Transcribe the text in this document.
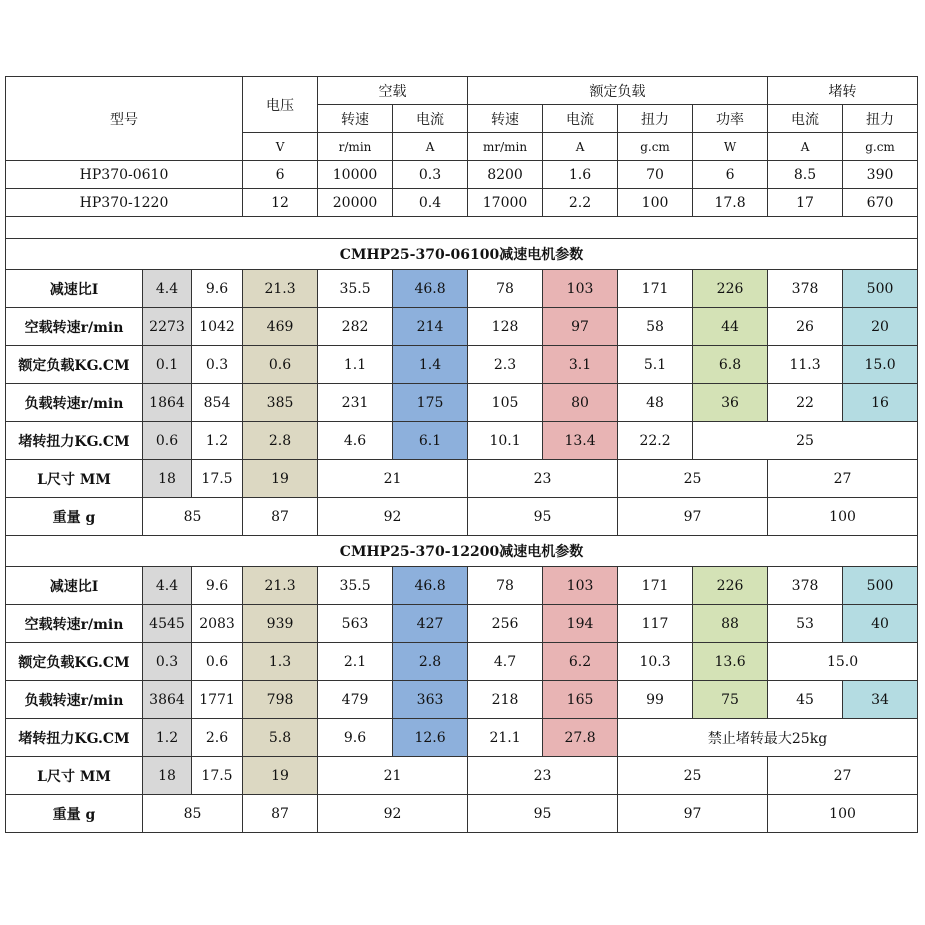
型号			电压	空载		额定负载				堵转	
				转速	电流	转速	电流	扭力	功率	电流	扭力
			V	r/min	A	mr/min	A	g.cm	W	A	g.cm
HP370-0610			6	10000	0.3	8200	1.6	70	6	8.5	390
HP370-1220			12	20000	0.4	17000	2.2	100	17.8	17	670

CMHP25-370-06100减速电机参数											
减速比I	4.4	9.6	21.3	35.5	46.8	78	103	171	226	378	500
空载转速r/min	2273	1042	469	282	214	128	97	58	44	26	20
额定负载KG.CM	0.1	0.3	0.6	1.1	1.4	2.3	3.1	5.1	6.8	11.3	15.0
负载转速r/min	1864	854	385	231	175	105	80	48	36	22	16
堵转扭力KG.CM	0.6	1.2	2.8	4.6	6.1	10.1	13.4	22.2	25		
L尺寸 MM	18	17.5	19	21		23		25		27	
重量 g	85		87	92		95		97		100	
CMHP25-370-12200减速电机参数											
减速比I	4.4	9.6	21.3	35.5	46.8	78	103	171	226	378	500
空载转速r/min	4545	2083	939	563	427	256	194	117	88	53	40
额定负载KG.CM	0.3	0.6	1.3	2.1	2.8	4.7	6.2	10.3	13.6	15.0	
负载转速r/min	3864	1771	798	479	363	218	165	99	75	45	34
堵转扭力KG.CM	1.2	2.6	5.8	9.6	12.6	21.1	27.8	禁止堵转最大25kg			
L尺寸 MM	18	17.5	19	21		23		25		27	
重量 g	85		87	92		95		97		100	
